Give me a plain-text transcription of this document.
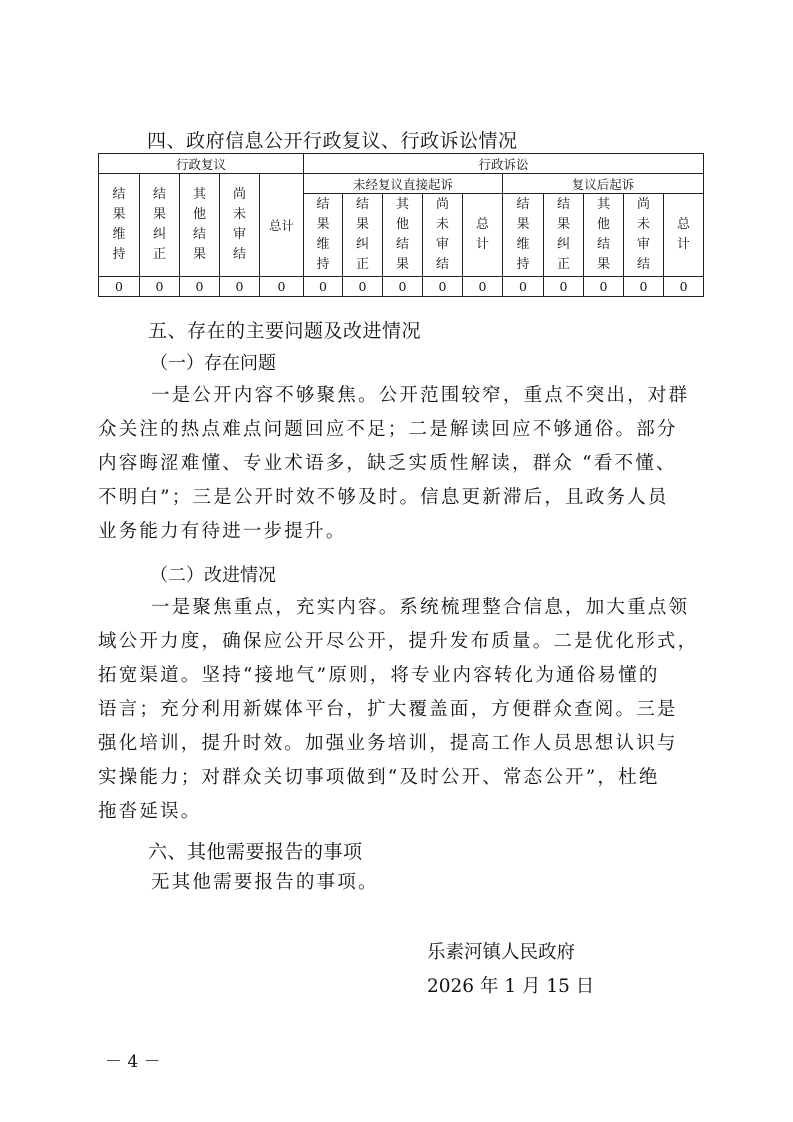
四、政府信息公开行政复议、行政诉讼情况
行政复议					行政诉讼									
结果维持	结果纠正	其他结果	尚未审结	总计	未经复议直接起诉					复议后起诉				
					结果维持	结果纠正	其他结果	尚未审结	总计	结果维持	结果纠正	其他结果	尚未审结	总计
0	0	0	0	0	0	0	0	0	0	0	0	0	0	0
五、存在的主要问题及改进情况
（一）存在问题
一是公开内容不够聚焦。公开范围较窄，重点不突出，对群
众关注的热点难点问题回应不足；二是解读回应不够通俗。部分
内容晦涩难懂、专业术语多，缺乏实质性解读，群众 “看不懂、
不明白”；三是公开时效不够及时。信息更新滞后，且政务人员
业务能力有待进一步提升。
（二）改进情况
一是聚焦重点，充实内容。系统梳理整合信息，加大重点领
域公开力度，确保应公开尽公开，提升发布质量。二是优化形式，
拓宽渠道。坚持“接地气”原则，将专业内容转化为通俗易懂的
语言；充分利用新媒体平台，扩大覆盖面，方便群众查阅。三是
强化培训，提升时效。加强业务培训，提高工作人员思想认识与
实操能力；对群众关切事项做到“及时公开、常态公开”，杜绝
拖沓延误。
六、其他需要报告的事项
无其他需要报告的事项。
乐素河镇人民政府
2026 年 1 月 15 日
－ 4 －
